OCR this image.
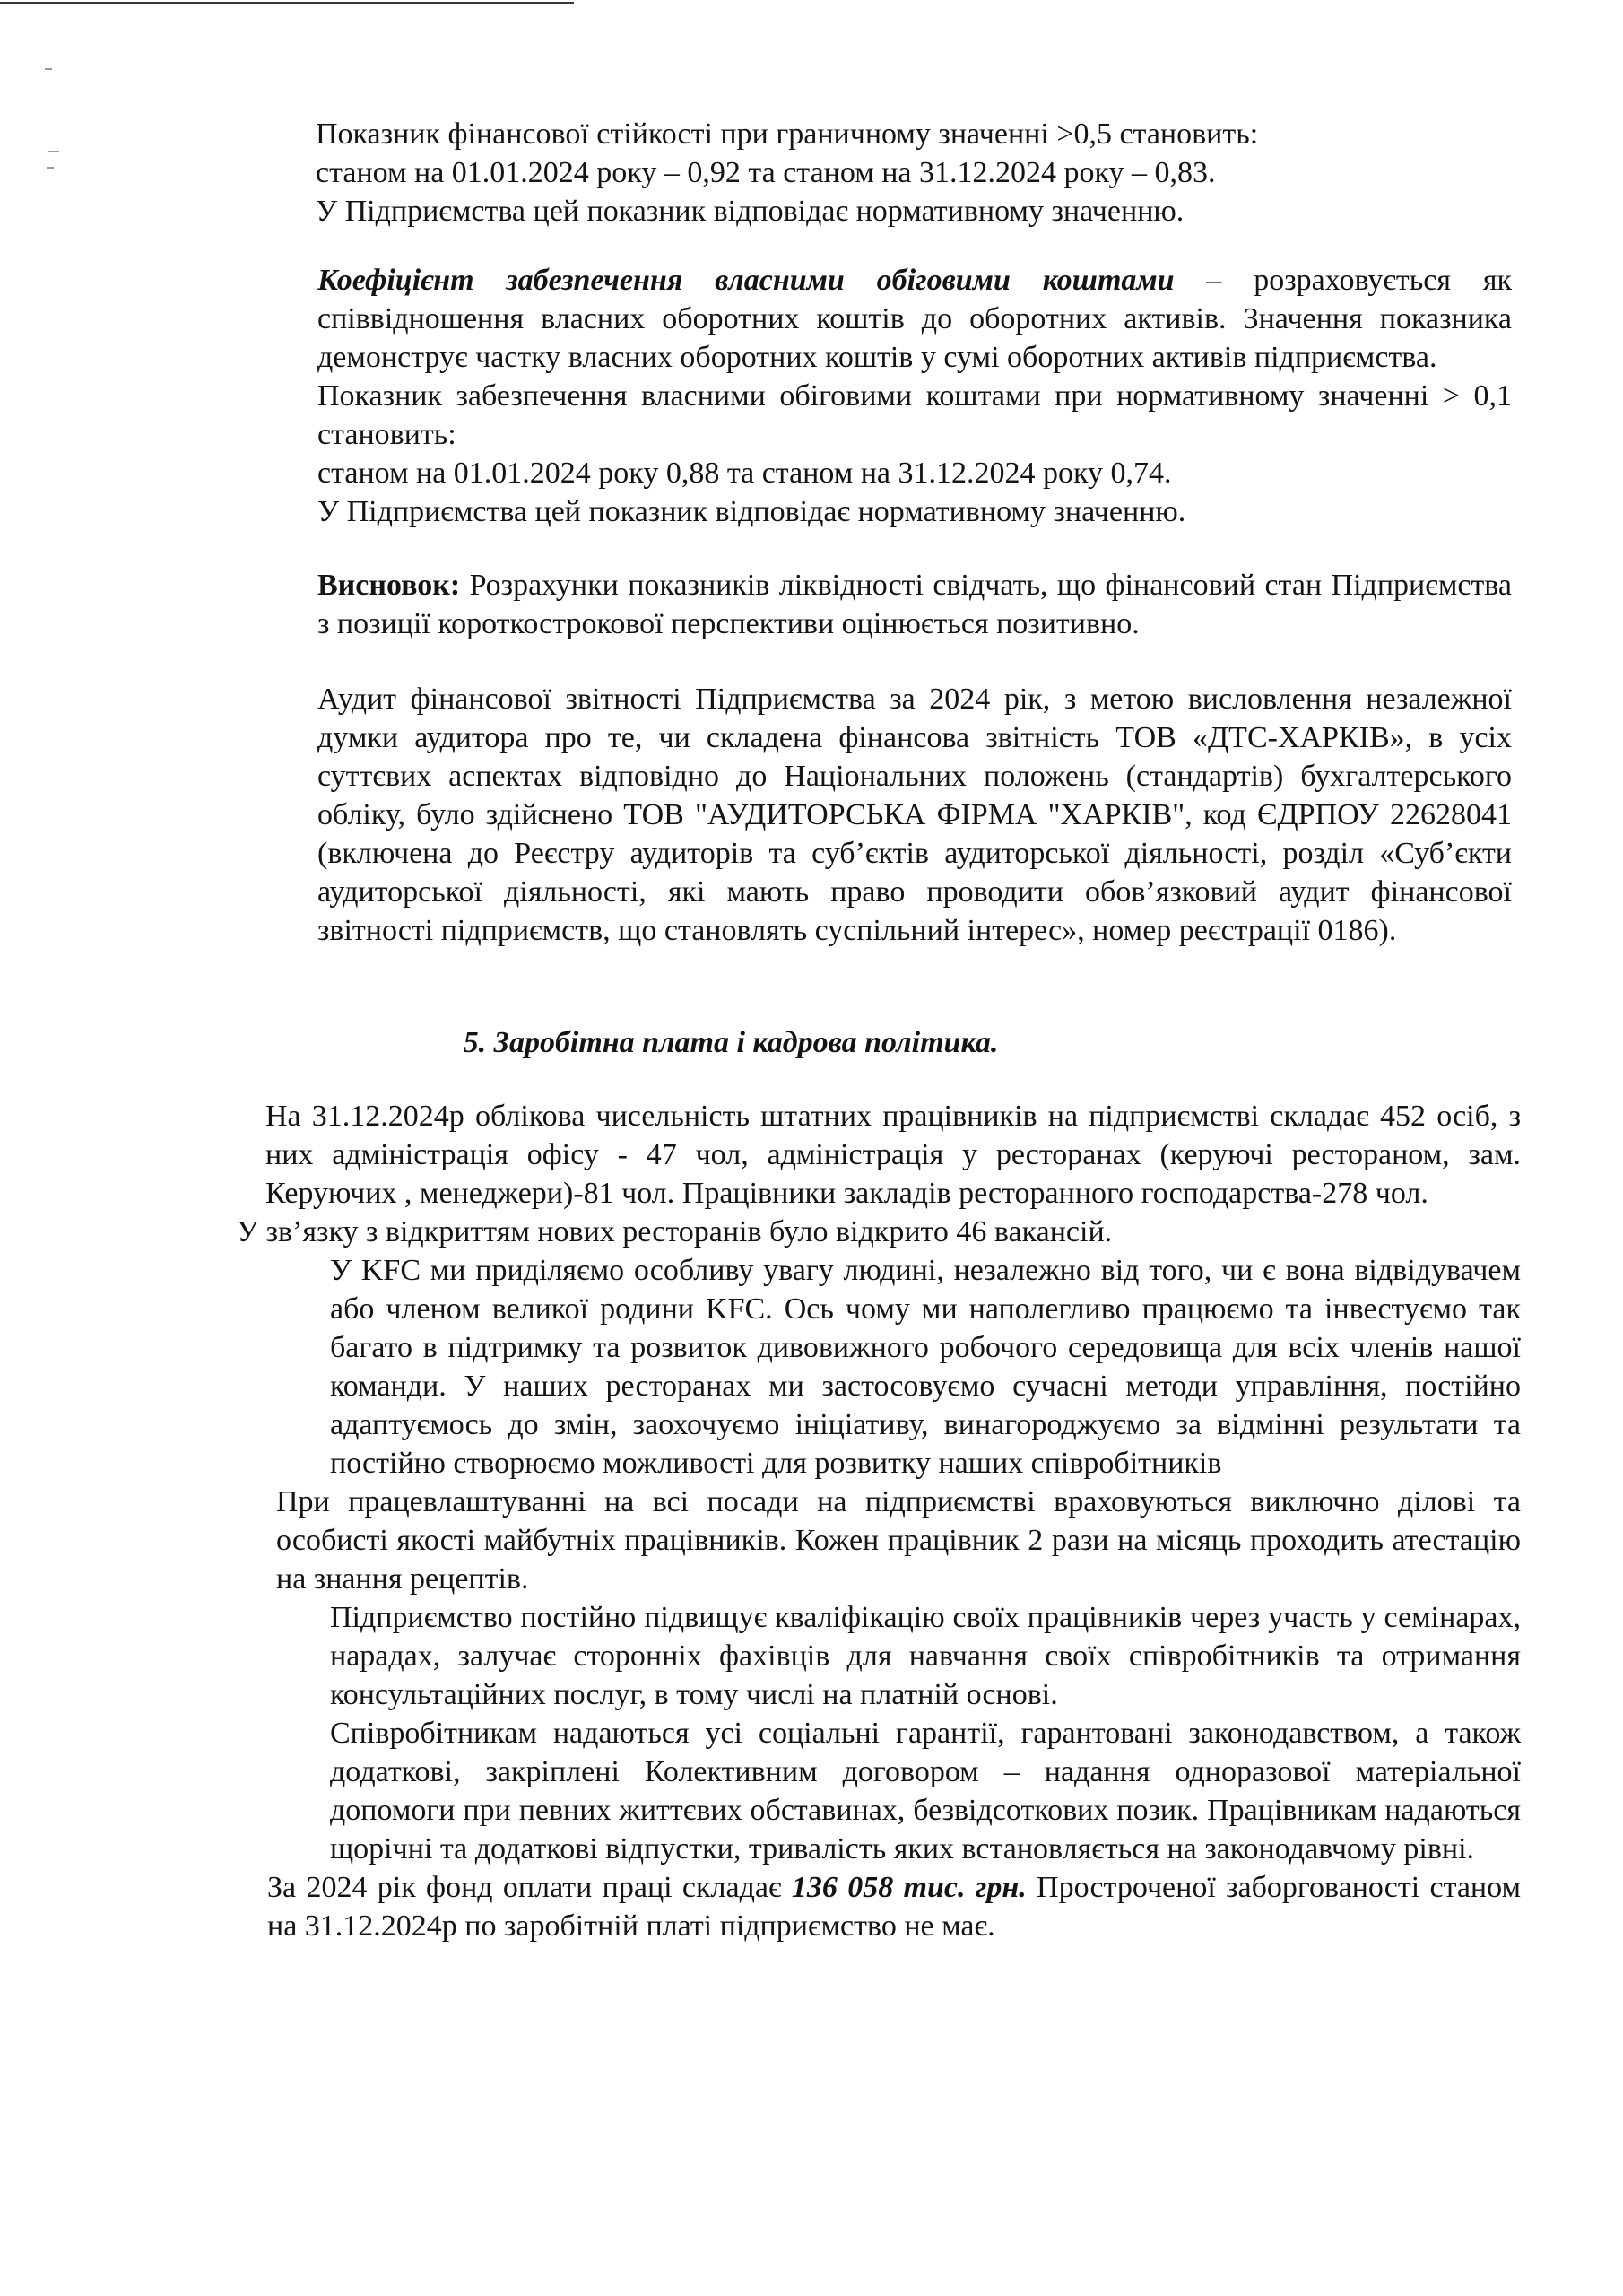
Показник фінансової стійкості при граничному значенні >0,5 становить:

станом на 01.01.2024 року – 0,92 та станом на 31.12.2024 року – 0,83.

У Підприємства цей показник відповідає нормативному значенню.

Коефіцієнт забезпечення власними обіговими коштами – розраховується як співвідношення власних оборотних коштів до оборотних активів. Значення показника демонструє частку власних оборотних коштів у сумі оборотних активів підприємства.

Показник забезпечення власними обіговими коштами при нормативному значенні > 0,1 становить:

станом на 01.01.2024 року 0,88 та станом на 31.12.2024 року 0,74.

У Підприємства цей показник відповідає нормативному значенню.

Висновок: Розрахунки показників ліквідності свідчать, що фінансовий стан Підприємства з позиції короткострокової перспективи оцінюється позитивно.

Аудит фінансової звітності Підприємства за 2024 рік, з метою висловлення незалежної думки аудитора про те, чи складена фінансова звітність ТОВ «ДТС-ХАРКІВ», в усіх суттєвих аспектах відповідно до Національних положень (стандартів) бухгалтерського обліку, було здійснено ТОВ "АУДИТОРСЬКА ФІРМА "ХАРКІВ", код ЄДРПОУ 22628041 (включена до Реєстру аудиторів та суб’єктів аудиторської діяльності, розділ «Суб’єкти аудиторської діяльності, які мають право проводити обов’язковий аудит фінансової звітності підприємств, що становлять суспільний інтерес», номер реєстрації 0186).

5. Заробітна плата і кадрова політика.

На 31.12.2024р облікова чисельність штатних працівників на підприємстві складає 452 осіб, з них адміністрація офісу - 47 чол, адміністрація у ресторанах (керуючі рестораном, зам. Керуючих , менеджери)-81 чол. Працівники закладів ресторанного господарства-278 чол.

У зв’язку з відкриттям нових ресторанів було відкрито 46 вакансій.

У KFC ми приділяємо особливу увагу людині, незалежно від того, чи є вона відвідувачем або членом великої родини KFC. Ось чому ми наполегливо працюємо та інвестуємо так багато в підтримку та розвиток дивовижного робочого середовища для всіх членів нашої команди. У наших ресторанах ми застосовуємо сучасні методи управління, постійно адаптуємось до змін, заохочуємо ініціативу, винагороджуємо за відмінні результати та постійно створюємо можливості для розвитку наших співробітників

При працевлаштуванні на всі посади на підприємстві враховуються виключно ділові та особисті якості майбутніх працівників. Кожен працівник 2 рази на місяць проходить атестацію на знання рецептів.

Підприємство постійно підвищує кваліфікацію своїх працівників через участь у семінарах, нарадах, залучає сторонніх фахівців для навчання своїх співробітників та отримання консультаційних послуг, в тому числі на платній основі.

Співробітникам надаються усі соціальні гарантії, гарантовані законодавством, а також додаткові, закріплені Колективним договором – надання одноразової матеріальної допомоги при певних життєвих обставинах, безвідсоткових позик. Працівникам надаються щорічні та додаткові відпустки, тривалість яких встановляється на законодавчому рівні.

За 2024 рік фонд оплати праці складає 136 058 тис. грн. Простроченої заборгованості станом на 31.12.2024р по заробітній платі підприємство не має.
